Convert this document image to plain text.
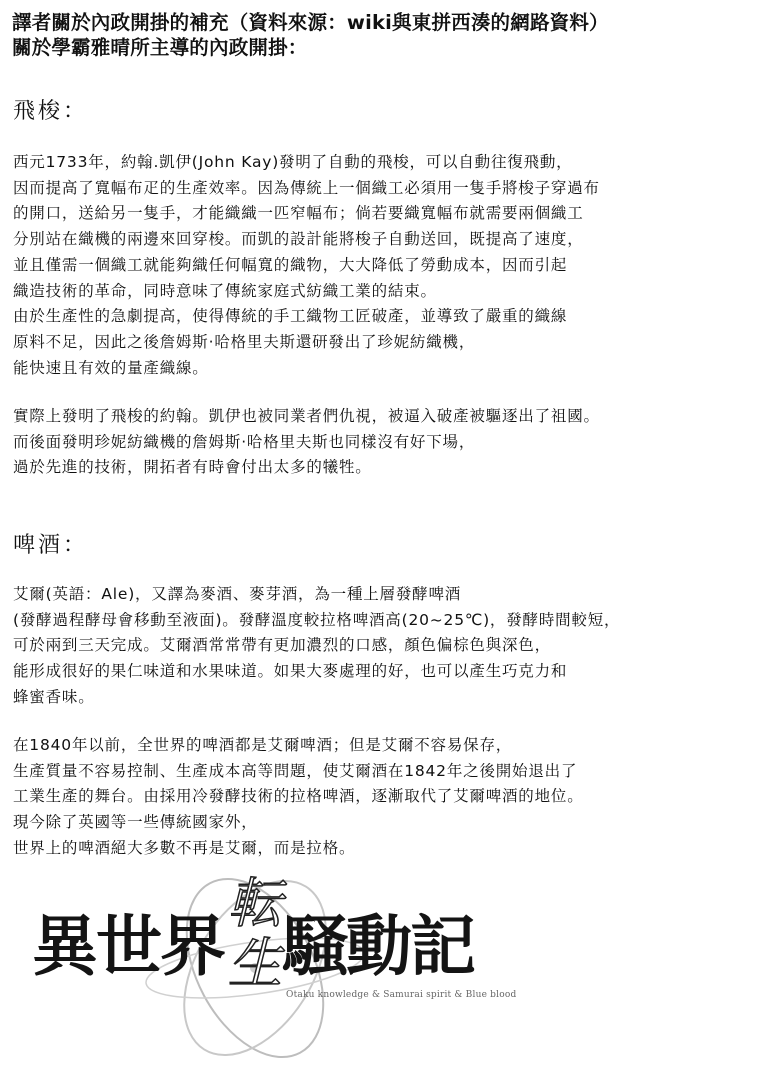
譯者關於內政開掛的補充（資料來源：wiki與東拼西湊的網路資料）
關於學霸雅晴所主導的內政開掛：
飛梭：
西元1733年，約翰.凱伊(John Kay)發明了自動的飛梭，可以自動往復飛動，
因而提高了寬幅布疋的生產效率。因為傳統上一個織工必須用一隻手將梭子穿過布
的開口，送給另一隻手，才能織織一匹窄幅布；倘若要織寬幅布就需要兩個織工
分別站在織機的兩邊來回穿梭。而凱的設計能將梭子自動送回，既提高了速度，
並且僅需一個織工就能夠織任何幅寬的織物，大大降低了勞動成本，因而引起
織造技術的革命，同時意味了傳統家庭式紡織工業的結束。
由於生產性的急劇提高，使得傳統的手工織物工匠破產，並導致了嚴重的織線
原料不足，因此之後詹姆斯·哈格里夫斯還研發出了珍妮紡織機，
能快速且有效的量產織線。
實際上發明了飛梭的約翰。凱伊也被同業者們仇視，被逼入破產被驅逐出了祖國。
而後面發明珍妮紡織機的詹姆斯·哈格里夫斯也同樣沒有好下場，
過於先進的技術，開拓者有時會付出太多的犧牲。
啤酒：
艾爾(英語：Ale)，又譯為麥酒、麥芽酒，為一種上層發酵啤酒
(發酵過程酵母會移動至液面)。發酵溫度較拉格啤酒高(20~25℃)，發酵時間較短，
可於兩到三天完成。艾爾酒常常帶有更加濃烈的口感，顏色偏棕色與深色，
能形成很好的果仁味道和水果味道。如果大麥處理的好，也可以產生巧克力和
蜂蜜香味。
在1840年以前，全世界的啤酒都是艾爾啤酒；但是艾爾不容易保存，
生產質量不容易控制、生產成本高等問題，使艾爾酒在1842年之後開始退出了
工業生產的舞台。由採用冷發酵技術的拉格啤酒，逐漸取代了艾爾啤酒的地位。
現今除了英國等一些傳統國家外，
世界上的啤酒絕大多數不再是艾爾，而是拉格。
異世界 騒動記
転
生 Otaku knowledge & Samurai spirit & Blue blood
